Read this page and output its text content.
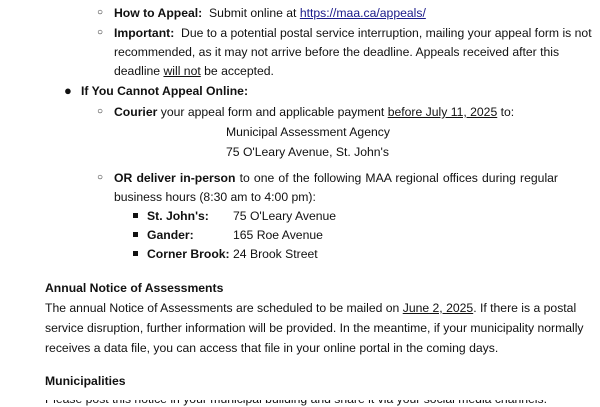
○ How to Appeal: Submit online at https://maa.ca/appeals/
○ Important: Due to a potential postal service interruption, mailing your appeal form is not
recommended, as it may not arrive before the deadline. Appeals received after this
deadline will not be accepted.
● If You Cannot Appeal Online:
○ Courier your appeal form and applicable payment before July 11, 2025 to:
Municipal Assessment Agency
75 O'Leary Avenue, St. John's
○ OR deliver in-person to one of the following MAA regional offices during regular
business hours (8:30 am to 4:00 pm):
St. John's: 75 O'Leary Avenue
Gander:	165 Roe Avenue
Corner Brook: 24 Brook Street
Annual Notice of Assessments
The annual Notice of Assessments are scheduled to be mailed on June 2, 2025. If there is a postal
service disruption, further information will be provided. In the meantime, if your municipality normally
receives a data file, you can access that file in your online portal in the coming days.
Municipalities
